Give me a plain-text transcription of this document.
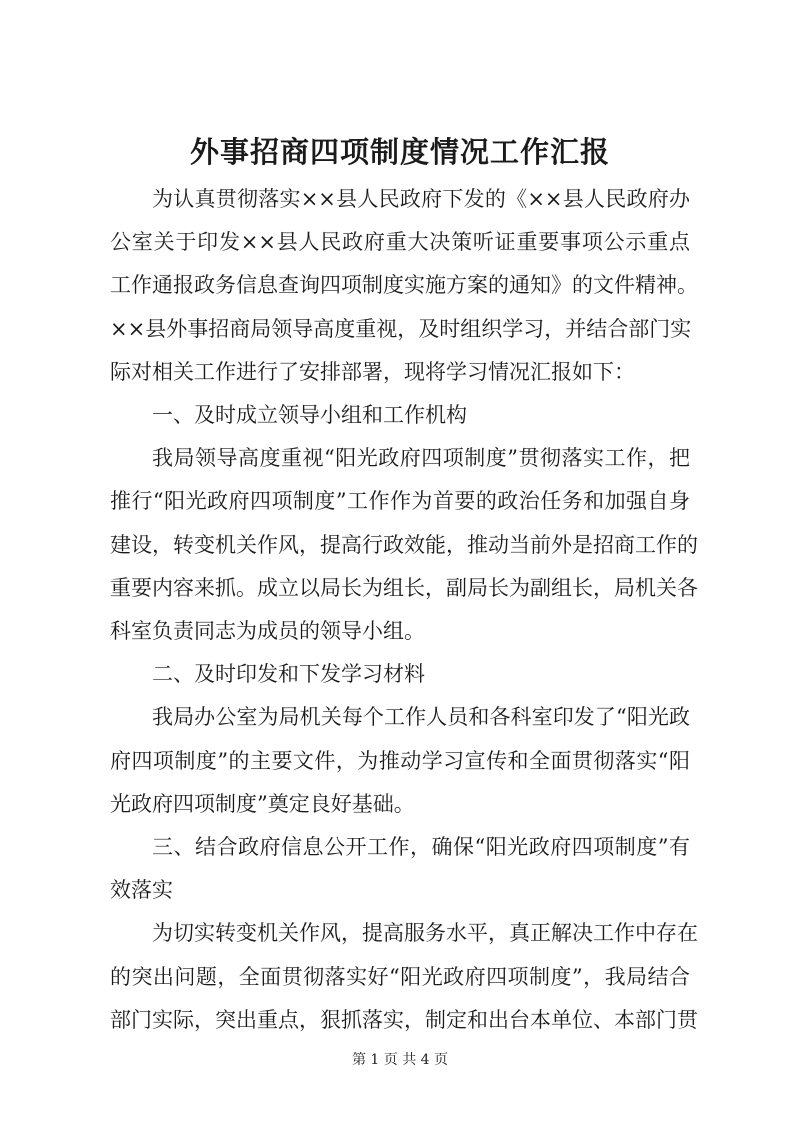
外事招商四项制度情况工作汇报
为认真贯彻落实××县人民政府下发的《××县人民政府办
公室关于印发××县人民政府重大决策听证重要事项公示重点
工作通报政务信息查询四项制度实施方案的通知》的文件精神。
××县外事招商局领导高度重视，及时组织学习，并结合部门实
际对相关工作进行了安排部署，现将学习情况汇报如下：
一、及时成立领导小组和工作机构
我局领导高度重视“阳光政府四项制度”贯彻落实工作，把
推行“阳光政府四项制度”工作作为首要的政治任务和加强自身
建设，转变机关作风，提高行政效能，推动当前外是招商工作的
重要内容来抓。成立以局长为组长，副局长为副组长，局机关各
科室负责同志为成员的领导小组。
二、及时印发和下发学习材料
我局办公室为局机关每个工作人员和各科室印发了“阳光政
府四项制度”的主要文件，为推动学习宣传和全面贯彻落实“阳
光政府四项制度”奠定良好基础。
三、结合政府信息公开工作，确保“阳光政府四项制度”有
效落实
为切实转变机关作风，提高服务水平，真正解决工作中存在
的突出问题，全面贯彻落实好“阳光政府四项制度”，我局结合
第 1 页 共 4 页
部门实际，突出重点，狠抓落实，制定和出台本单位、本部门贯
